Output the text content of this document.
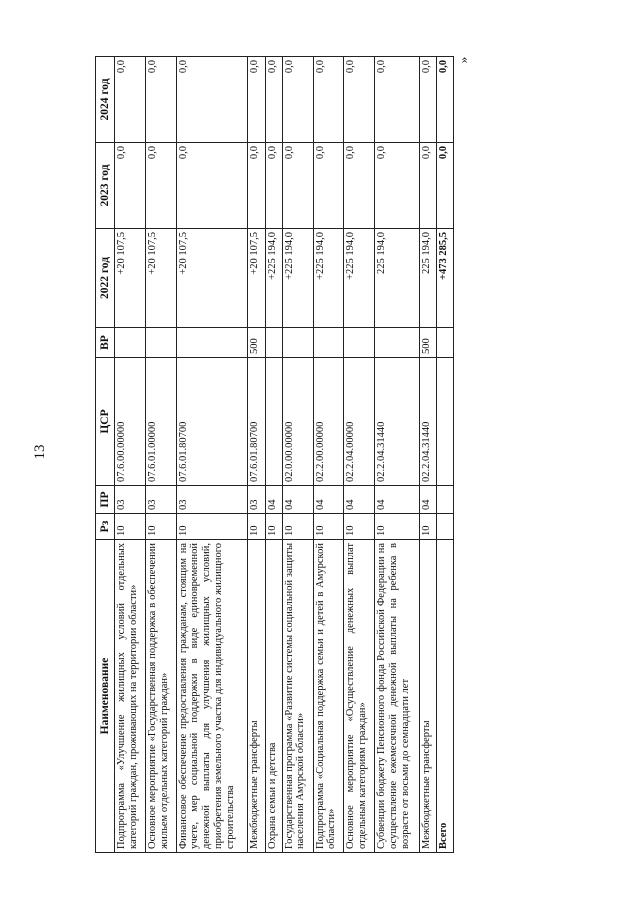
13
»
Наименование	Рз	ПР	ЦСР	ВР	2022 год	2023 год	2024 год
Подпрограмма «Улучшение жилищных условий отдельных категорий граждан, проживающих на территории области»	10	03	07.6.00.00000		+20 107,5	0,0	0,0
Основное мероприятие «Государственная поддержка в обеспечении жильем отдельных категорий граждан»	10	03	07.6.01.00000		+20 107,5	0,0	0,0
Финансовое обеспечение предоставления гражданам, стоящим на учете, мер социальной поддержки в виде единовременной денежной выплаты для улучшения жилищных условий, приобретения земельного участка для индивидуального жилищного строительства	10	03	07.6.01.80700		+20 107,5	0,0	0,0
Межбюджетные трансферты	10	03	07.6.01.80700	500	+20 107,5	0,0	0,0
Охрана семьи и детства	10	04			+225 194,0	0,0	0,0
Государственная программа «Развитие системы социальной защиты населения Амурской области»	10	04	02.0.00.00000		+225 194,0	0,0	0,0
Подпрограмма «Социальная поддержка семьи и детей в Амурской области»	10	04	02.2.00.00000		+225 194,0	0,0	0,0
Основное мероприятие «Осуществление денежных выплат отдельным категориям граждан»	10	04	02.2.04.00000		+225 194,0	0,0	0,0
Субвенции бюджету Пенсионного фонда Российской Федерации на осуществление ежемесячной денежной выплаты на ребенка в возрасте от восьми до семнадцати лет	10	04	02.2.04.31440		225 194,0	0,0	0,0
Межбюджетные трансферты	10	04	02.2.04.31440	500	225 194,0	0,0	0,0
Всего					+473 285,5	0,0	0,0
